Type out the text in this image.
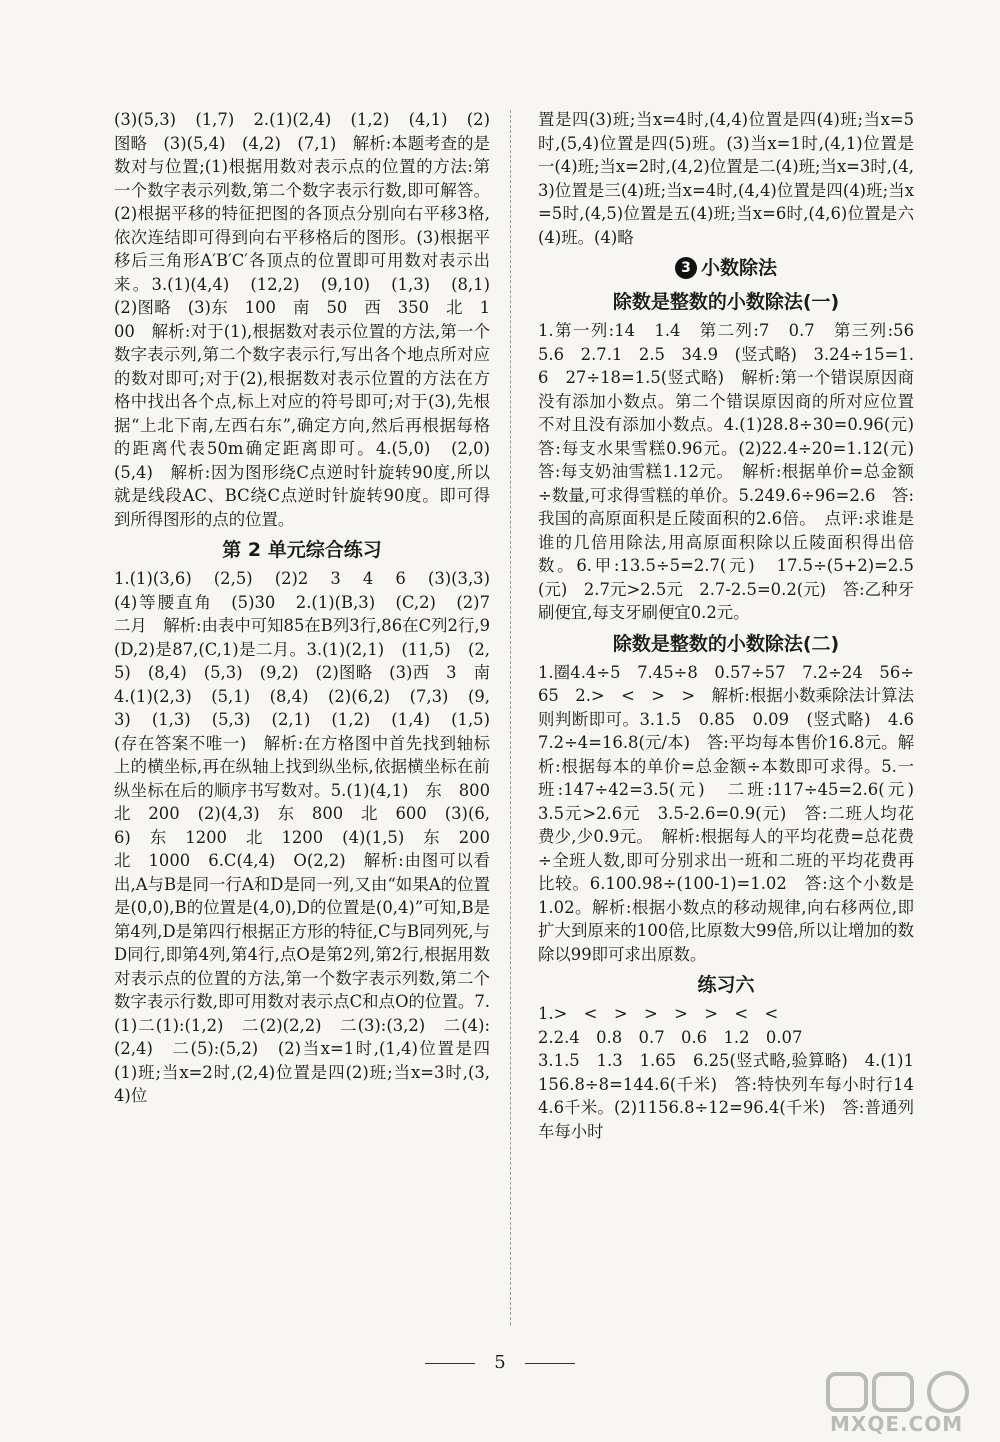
(3)(5,3)　(1,7)　2.(1)(2,4)　(1,2)　(4,1)　(2)图略　(3)(5,4)　(4,2)　(7,1)　解析:本题考查的是数对与位置;(1)根据用数对表示点的位置的方法:第一个数字表示列数,第二个数字表示行数,即可解答。(2)根据平移的特征把图的各顶点分别向右平移3格,依次连结即可得到向右平移格后的图形。(3)根据平移后三角形A′B′C′各顶点的位置即可用数对表示出来。3.(1)(4,4)　(12,2)　(9,10)　(1,3)　(8,1)　(2)图略　(3)东　100　南　50　西　350　北　100　解析:对于(1),根据数对表示位置的方法,第一个数字表示列,第二个数字表示行,写出各个地点所对应的数对即可;对于(2),根据数对表示位置的方法在方格中找出各个点,标上对应的符号即可;对于(3),先根据“上北下南,左西右东”,确定方向,然后再根据每格的距离代表50m确定距离即可。4.(5,0)　(2,0)　(5,4)　解析:因为图形绕C点逆时针旋转90度,所以就是线段AC、BC绕C点逆时针旋转90度。即可得到所得图形的点的位置。

第 2 单元综合练习

1.(1)(3,6)　(2,5)　(2)2　3　4　6　(3)(3,3)　(4)等腰直角　(5)30　2.(1)(B,3)　(C,2)　(2)7　二月　解析:由表中可知85在B列3行,86在C列2行,9(D,2)是87,(C,1)是二月。3.(1)(2,1)　(11,5)　(2,5)　(8,4)　(5,3)　(9,2)　(2)图略　(3)西　3　南　4.(1)(2,3)　(5,1)　(8,4)　(2)(6,2)　(7,3)　(9,3)　(1,3)　(5,3)　(2,1)　(1,2)　(1,4)　(1,5)　(存在答案不唯一)　解析:在方格图中首先找到轴标上的横坐标,再在纵轴上找到纵坐标,依据横坐标在前纵坐标在后的顺序书写数对。5.(1)(4,1)　东　800　北　200　(2)(4,3)　东　800　北　600　(3)(6,6)　东　1200　北　1200　(4)(1,5)　东　200　北　1000　6.C(4,4)　O(2,2)　解析:由图可以看出,A与B是同一行A和D是同一列,又由“如果A的位置是(0,0),B的位置是(4,0),D的位置是(0,4)”可知,B是第4列,D是第四行根据正方形的特征,C与B同列死,与D同行,即第4列,第4行,点O是第2列,第2行,根据用数对表示点的位置的方法,第一个数字表示列数,第二个数字表示行数,即可用数对表示点C和点O的位置。7.(1)二(1):(1,2)　二(2)(2,2)　二(3):(3,2)　二(4):(2,4)　二(5):(5,2)　(2)当x=1时,(1,4)位置是四(1)班;当x=2时,(2,4)位置是四(2)班;当x=3时,(3,4)位

置是四(3)班;当x=4时,(4,4)位置是四(4)班;当x=5时,(5,4)位置是四(5)班。(3)当x=1时,(4,1)位置是一(4)班;当x=2时,(4,2)位置是二(4)班;当x=3时,(4,3)位置是三(4)班;当x=4时,(4,4)位置是四(4)班;当x=5时,(4,5)位置是五(4)班;当x=6时,(4,6)位置是六(4)班。(4)略

3 小数除法
除数是整数的小数除法(一)

1.第一列:14　1.4　第二列:7　0.7　第三列:56　5.6　2.7.1　2.5　34.9　(竖式略)　3.24÷15=1.6　27÷18=1.5(竖式略)　解析:第一个错误原因商没有添加小数点。第二个错误原因商的所对应位置不对且没有添加小数点。4.(1)28.8÷30=0.96(元)　答:每支水果雪糕0.96元。(2)22.4÷20=1.12(元)　答:每支奶油雪糕1.12元。　解析:根据单价=总金额÷数量,可求得雪糕的单价。5.249.6÷96=2.6　答:我国的高原面积是丘陵面积的2.6倍。　点评:求谁是谁的几倍用除法,用高原面积除以丘陵面积得出倍数。6.甲:13.5÷5=2.7(元)　17.5÷(5+2)=2.5(元)　2.7元>2.5元　2.7-2.5=0.2(元)　答:乙种牙刷便宜,每支牙刷便宜0.2元。

除数是整数的小数除法(二)

1.圈4.4÷5　7.45÷8　0.57÷57　7.2÷24　56÷65　2.>　<　>　>　解析:根据小数乘除法计算法则判断即可。3.1.5　0.85　0.09　(竖式略)　4.67.2÷4=16.8(元/本)　答:平均每本售价16.8元。解析:根据每本的单价=总金额÷本数即可求得。5.一班:147÷42=3.5(元)　二班:117÷45=2.6(元)　3.5元>2.6元　3.5-2.6=0.9(元)　答:二班人均花费少,少0.9元。　解析:根据每人的平均花费=总花费÷全班人数,即可分别求出一班和二班的平均花费再比较。6.100.98÷(100-1)=1.02　答:这个小数是1.02。解析:根据小数点的移动规律,向右移两位,即扩大到原来的100倍,比原数大99倍,所以让增加的数除以99即可求出原数。

练习六

1.>　<　>　>　>　>　<　<

2.2.4　0.8　0.7　0.6　1.2　0.07

3.1.5　1.3　1.65　6.25(竖式略,验算略)　4.(1)1156.8÷8=144.6(千米)　答:特快列车每小时行144.6千米。(2)1156.8÷12=96.4(千米)　答:普通列车每小时

5
MXQE.COM
